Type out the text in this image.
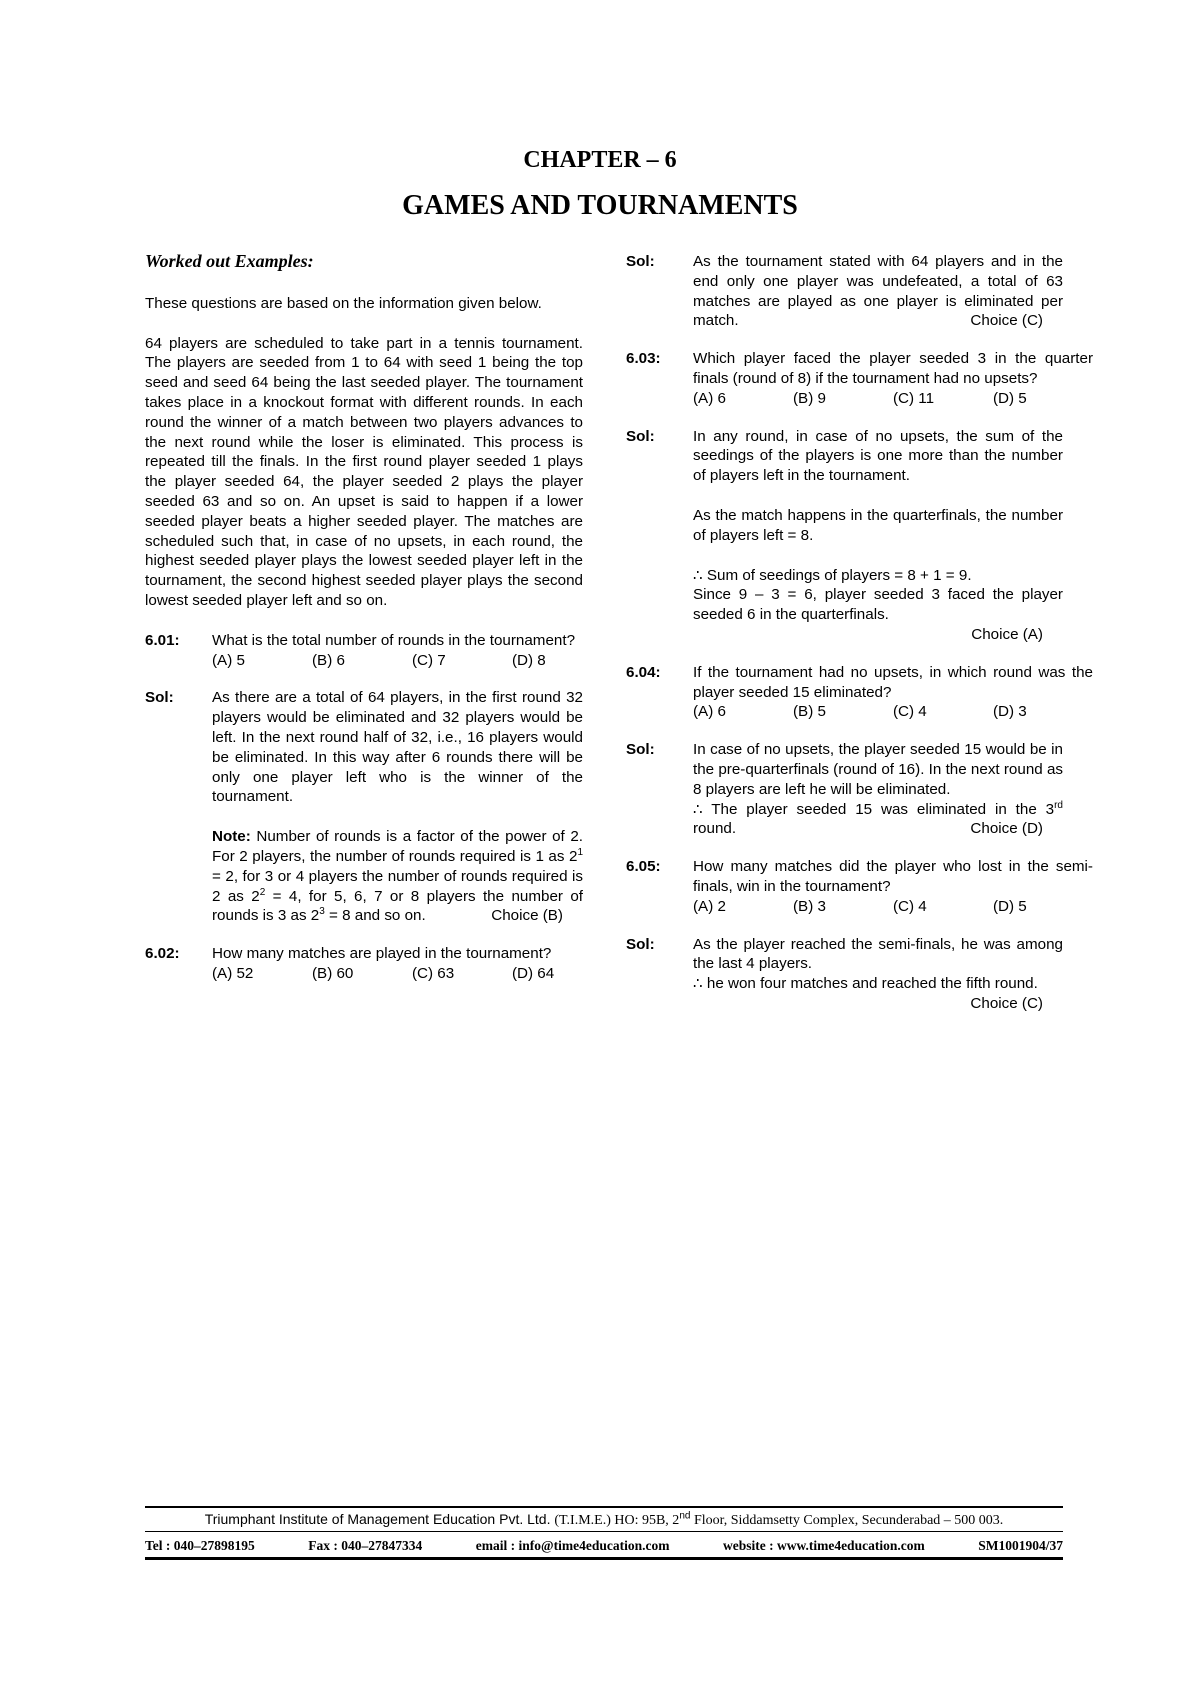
CHAPTER – 6
GAMES AND TOURNAMENTS
Worked out Examples:

These questions are based on the information given below.

64 players are scheduled to take part in a tennis tournament. The players are seeded from 1 to 64 with seed 1 being the top seed and seed 64 being the last seeded player. The tournament takes place in a knockout format with different rounds. In each round the winner of a match between two players advances to the next round while the loser is eliminated. This process is repeated till the finals. In the first round player seeded 1 plays the player seeded 64, the player seeded 2 plays the player seeded 63 and so on. An upset is said to happen if a lower seeded player beats a higher seeded player. The matches are scheduled such that, in case of no upsets, in each round, the highest seeded player plays the lowest seeded player left in the tournament, the second highest seeded player plays the second lowest seeded player left and so on.

6.01:	What is the total number of rounds in the tournament?

(A) 5	(B) 6	(C) 7	(D) 8
Sol:	As there are a total of 64 players, in the first round 32 players would be eliminated and 32 players would be left. In the next round half of 32, i.e., 16 players would be eliminated. In this way after 6 rounds there will be only one player left who is the winner of the tournament.

Note: Number of rounds is a factor of the power of 2. For 2 players, the number of rounds required is 1 as $2^1 = 2$, for 3 or 4 players the number of rounds required is 2 as $2^2 = 4$, for 5, 6, 7 or 8 players the number of rounds is 3 as $2^3 = 8$ and so on.	Choice (B)

6.02:	How many matches are played in the tournament?

(A) 52	(B) 60	(C) 63	(D) 64
Sol:	As the tournament stated with 64 players and in the end only one player was undefeated, a total of 63 matches are played as one player is eliminated per match.	Choice (C)

6.03:	Which player faced the player seeded 3 in the quarter finals (round of 8) if the tournament had no upsets?

(A) 6	(B) 9	(C) 11	(D) 5
Sol:	In any round, in case of no upsets, the sum of the seedings of the players is one more than the number of players left in the tournament.

As the match happens in the quarterfinals, the number of players left = 8.

∴ Sum of seedings of players = 8 + 1 = 9.
Since 9 – 3 = 6, player seeded 3 faced the player seeded 6 in the quarterfinals.
Choice (A)

6.04:	If the tournament had no upsets, in which round was the player seeded 15 eliminated?

(A) 6	(B) 5	(C) 4	(D) 3
Sol:	In case of no upsets, the player seeded 15 would be in the pre-quarterfinals (round of 16). In the next round as 8 players are left he will be eliminated.
∴ The player seeded 15 was eliminated in the 3rd round.	Choice (D)

6.05:	How many matches did the player who lost in the semi-finals, win in the tournament?

(A) 2	(B) 3	(C) 4	(D) 5
Sol:	As the player reached the semi-finals, he was among the last 4 players.
∴ he won four matches and reached the fifth round.
Choice (C)

Triumphant Institute of Management Education Pvt. Ltd. (T.I.M.E.) HO: 95B, 2nd Floor, Siddamsetty Complex, Secunderabad – 500 003.
Tel : 040–27898195	Fax : 040–27847334	email : info@time4education.com	website : www.time4education.com	SM1001904/37
